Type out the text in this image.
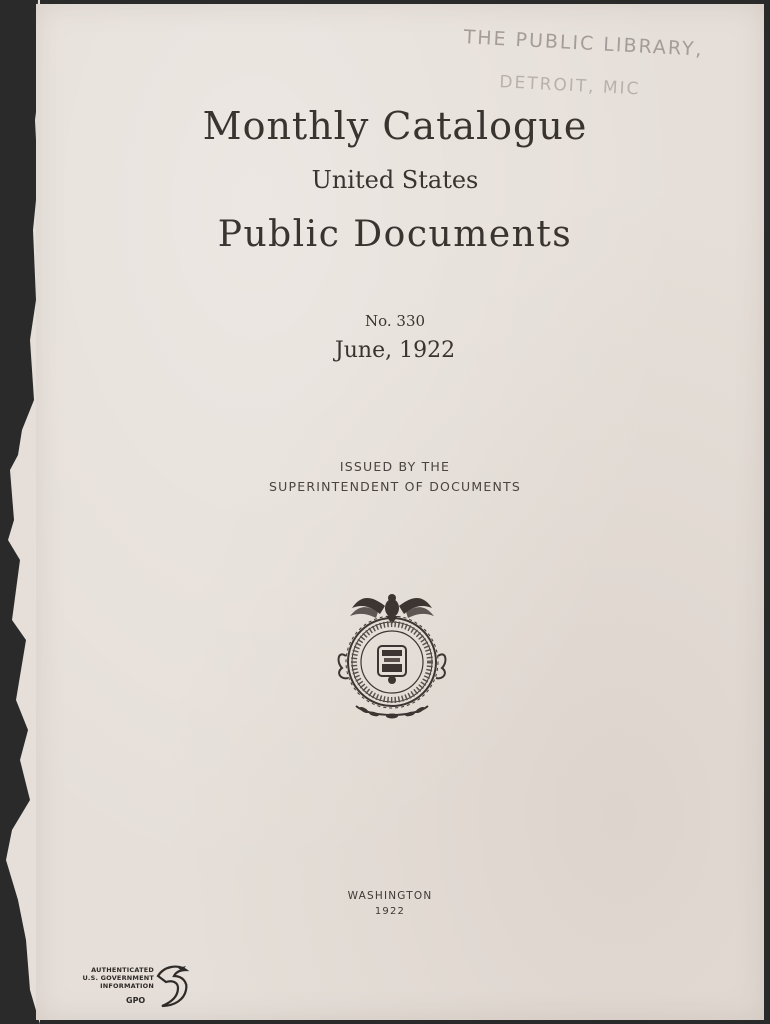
THE PUBLIC LIBRARY,
DETROIT, MIC
Monthly Catalogue
United States
Public Documents
No. 330
June, 1922
ISSUED BY THE
SUPERINTENDENT OF DOCUMENTS
WASHINGTON
1922
AUTHENTICATED
U.S. GOVERNMENT
INFORMATION
GPO
